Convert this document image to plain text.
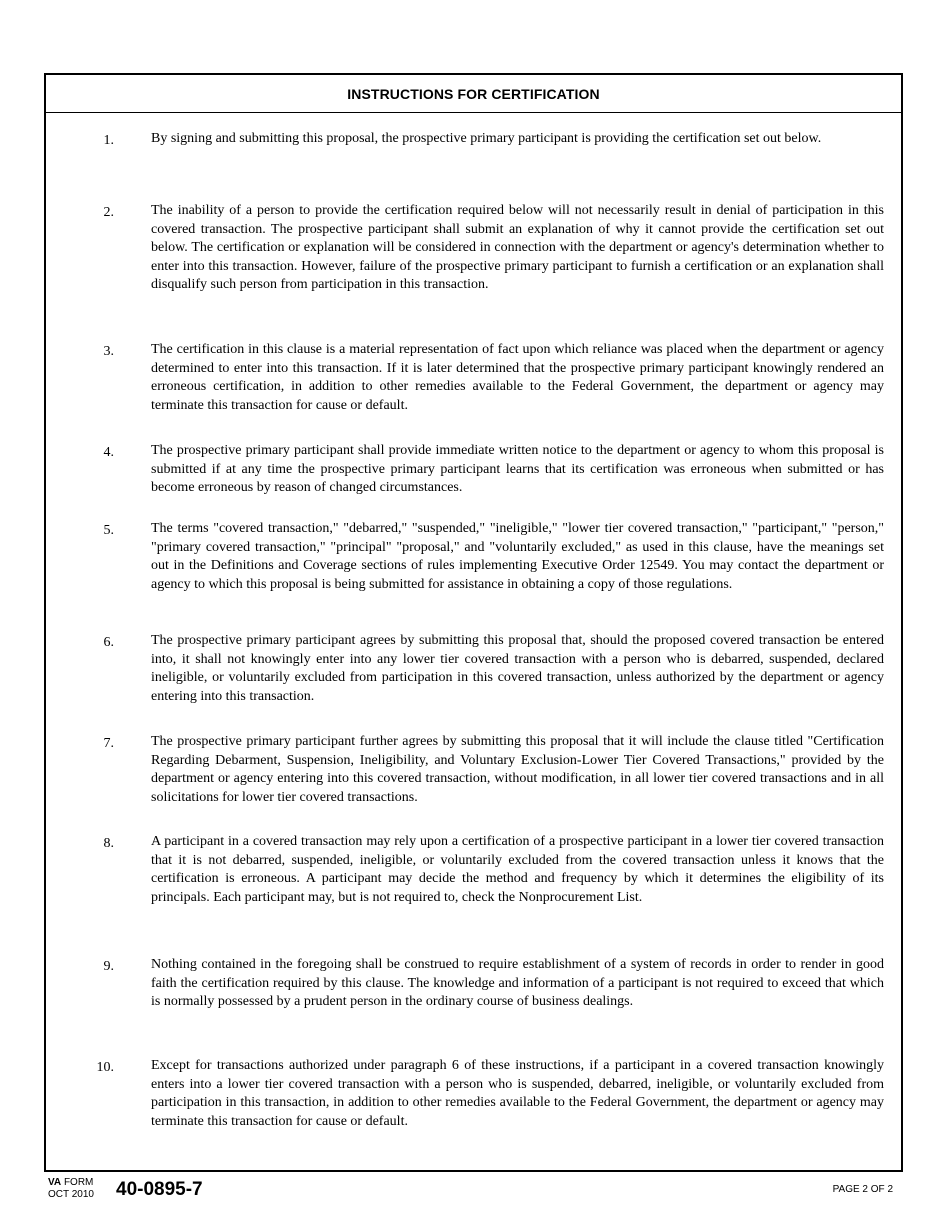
INSTRUCTIONS FOR CERTIFICATION
1.	By signing and submitting this proposal, the prospective primary participant is providing the certification set out below.
2.	The inability of a person to provide the certification required below will not necessarily result in denial of participation in this covered transaction. The prospective participant shall submit an explanation of why it cannot provide the certification set out below. The certification or explanation will be considered in connection with the department or agency's determination whether to enter into this transaction. However, failure of the prospective primary participant to furnish a certification or an explanation shall disqualify such person from participation in this transaction.
3.	The certification in this clause is a material representation of fact upon which reliance was placed when the department or agency determined to enter into this transaction. If it is later determined that the prospective primary participant knowingly rendered an erroneous certification, in addition to other remedies available to the Federal Government, the department or agency may terminate this transaction for cause or default.
4.	The prospective primary participant shall provide immediate written notice to the department or agency to whom this proposal is submitted if at any time the prospective primary participant learns that its certification was erroneous when submitted or has become erroneous by reason of changed circumstances.
5.	The terms "covered transaction," "debarred," "suspended," "ineligible," "lower tier covered transaction," "participant," "person," "primary covered transaction," "principal" "proposal," and "voluntarily excluded," as used in this clause, have the meanings set out in the Definitions and Coverage sections of rules implementing Executive Order 12549. You may contact the department or agency to which this proposal is being submitted for assistance in obtaining a copy of those regulations.
6.	The prospective primary participant agrees by submitting this proposal that, should the proposed covered transaction be entered into, it shall not knowingly enter into any lower tier covered transaction with a person who is debarred, suspended, declared ineligible, or voluntarily excluded from participation in this covered transaction, unless authorized by the department or agency entering into this transaction.
7.	The prospective primary participant further agrees by submitting this proposal that it will include the clause titled "Certification Regarding Debarment, Suspension, Ineligibility, and Voluntary Exclusion-Lower Tier Covered Transactions," provided by the department or agency entering into this covered transaction, without modification, in all lower tier covered transactions and in all solicitations for lower tier covered transactions.
8.	A participant in a covered transaction may rely upon a certification of a prospective participant in a lower tier covered transaction that it is not debarred, suspended, ineligible, or voluntarily excluded from the covered transaction unless it knows that the certification is erroneous. A participant may decide the method and frequency by which it determines the eligibility of its principals. Each participant may, but is not required to, check the Nonprocurement List.
9.	Nothing contained in the foregoing shall be construed to require establishment of a system of records in order to render in good faith the certification required by this clause. The knowledge and information of a participant is not required to exceed that which is normally possessed by a prudent person in the ordinary course of business dealings.
10.	Except for transactions authorized under paragraph 6 of these instructions, if a participant in a covered transaction knowingly enters into a lower tier covered transaction with a person who is suspended, debarred, ineligible, or voluntarily excluded from participation in this transaction, in addition to other remedies available to the Federal Government, the department or agency may terminate this transaction for cause or default.
VA FORM
OCT 2010 40-0895-7	PAGE 2 OF 2
